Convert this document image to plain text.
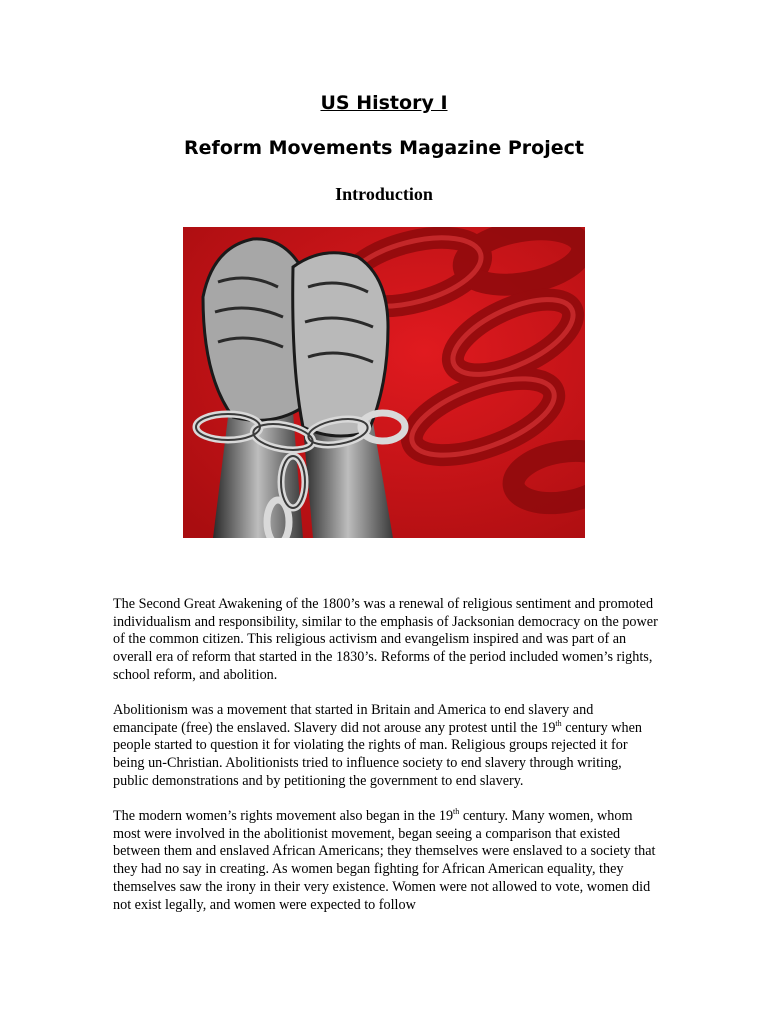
US History I
Reform Movements Magazine Project
Introduction

The Second Great Awakening of the 1800’s was a renewal of religious sentiment and promoted individualism and responsibility, similar to the emphasis of Jacksonian democracy on the power of the common citizen. This religious activism and evangelism inspired and was part of an overall era of reform that started in the 1830’s. Reforms of the period included women’s rights, school reform, and abolition.

Abolitionism was a movement that started in Britain and America to end slavery and emancipate (free) the enslaved. Slavery did not arouse any protest until the 19th century when people started to question it for violating the rights of man. Religious groups rejected it for being un-Christian. Abolitionists tried to influence society to end slavery through writing, public demonstrations and by petitioning the government to end slavery.

The modern women’s rights movement also began in the 19th century. Many women, whom most were involved in the abolitionist movement, began seeing a comparison that existed between them and enslaved African Americans; they themselves were enslaved to a society that they had no say in creating. As women began fighting for African American equality, they themselves saw the irony in their very existence. Women were not allowed to vote, women did not exist legally, and women were expected to follow
